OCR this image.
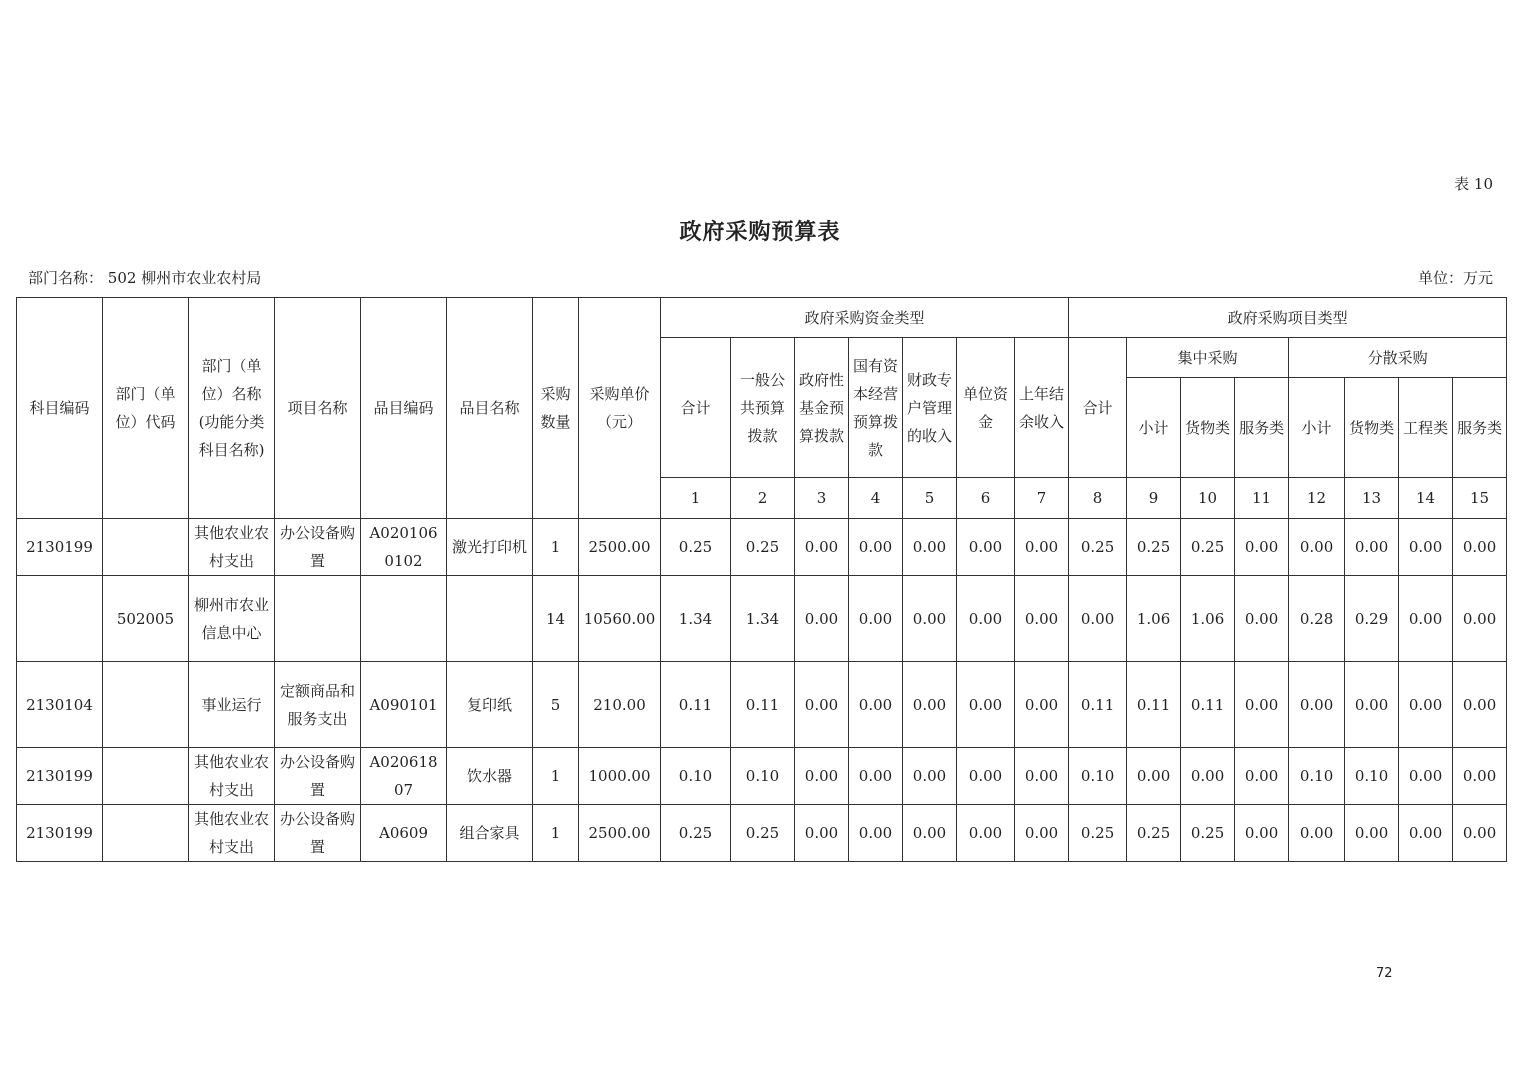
表 10
政府采购预算表
部门名称： 502 柳州市农业农村局	单位：万元
科目编码	部门（单位）代码	部门（单位）名称(功能分类科目名称)	项目名称	品目编码	品目名称	采购数量	采购单价（元）	政府采购资金类型							政府采购项目类型							
								合计	一般公共预算拨款	政府性基金预算拨款	国有资本经营预算拨款	财政专户管理的收入	单位资金	上年结余收入	合计	集中采购			分散采购			
																小计	货物类	服务类	小计	货物类	工程类	服务类
								1	2	3	4	5	6	7	8	9	10	11	12	13	14	15
2130199		其他农业农村支出	办公设备购置	A0201060102	激光打印机	1	2500.00	0.25	0.25	0.00	0.00	0.00	0.00	0.00	0.25	0.25	0.25	0.00	0.00	0.00	0.00	0.00
	502005	柳州市农业信息中心				14	10560.00	1.34	1.34	0.00	0.00	0.00	0.00	0.00	0.00	1.06	1.06	0.00	0.28	0.29	0.00	0.00
2130104		事业运行	定额商品和服务支出	A090101	复印纸	5	210.00	0.11	0.11	0.00	0.00	0.00	0.00	0.00	0.11	0.11	0.11	0.00	0.00	0.00	0.00	0.00
2130199		其他农业农村支出	办公设备购置	A02061807	饮水器	1	1000.00	0.10	0.10	0.00	0.00	0.00	0.00	0.00	0.10	0.00	0.00	0.00	0.10	0.10	0.00	0.00
2130199		其他农业农村支出	办公设备购置	A0609	组合家具	1	2500.00	0.25	0.25	0.00	0.00	0.00	0.00	0.00	0.25	0.25	0.25	0.00	0.00	0.00	0.00	0.00
72
